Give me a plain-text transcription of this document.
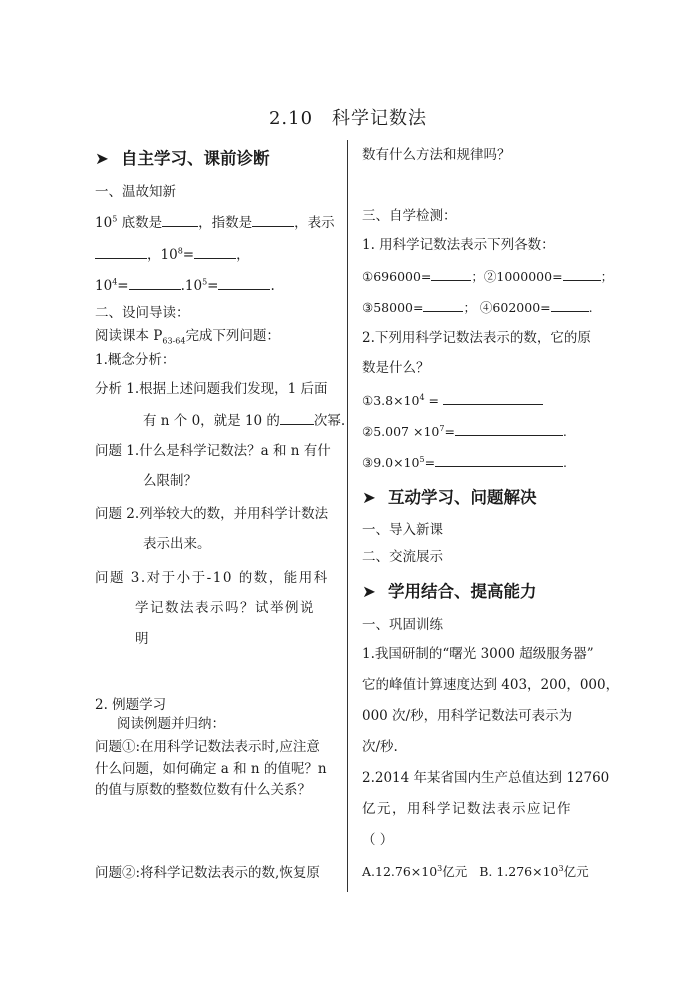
2.10　科学记数法
➤ 自主学习、课前诊断
一、温故知新
$10^5$ 底数是	，指数是	，表示
，$10^8=$	，
$10^4=$	$.10^5=$	.
二、设问导读：
阅读课本 $P_{63-64}$完成下列问题：
1.概念分析：
分析 1.根据上述问题我们发现，1 后面
有 n 个 0，就是 10 的	次幂.
问题 1.什么是科学记数法？a 和 n 有什
么限制？
问题 2.列举较大的数，并用科学计数法
表示出来。
问题 3.对于小于-10 的数，能用科
学记数法表示吗？试举例说
明
2. 例题学习
阅读例题并归纳：
问题①:在用科学记数法表示时,应注意
什么问题，如何确定 a 和 n 的值呢？n
的值与原数的整数位数有什么关系？
问题②:将科学记数法表示的数,恢复原
数有什么方法和规律吗？
三、自学检测：
1. 用科学记数法表示下列各数：
①696000=	；②1000000=	；
③58000=	； ④602000=	.
2.下列用科学记数法表示的数，它的原
数是什么？
$①3.8\times 10^4$ =
②5.007 $\times 10^7=$	.
$③9.0\times 10^5=$	.
➤ 互动学习、问题解决
一、导入新课
二、交流展示
➤ 学用结合、提高能力
一、巩固训练
1.我国研制的“曙光 3000 超级服务器”
它的峰值计算速度达到 403，200，000，
000 次/秒，用科学记数法可表示为
次/秒.
2.2014 年某省国内生产总值达到 12760
亿元，用科学记数法表示应记作
（ ）
$A.12.76\times 10^3$亿元 B. $1.276\times 10^3$亿元
